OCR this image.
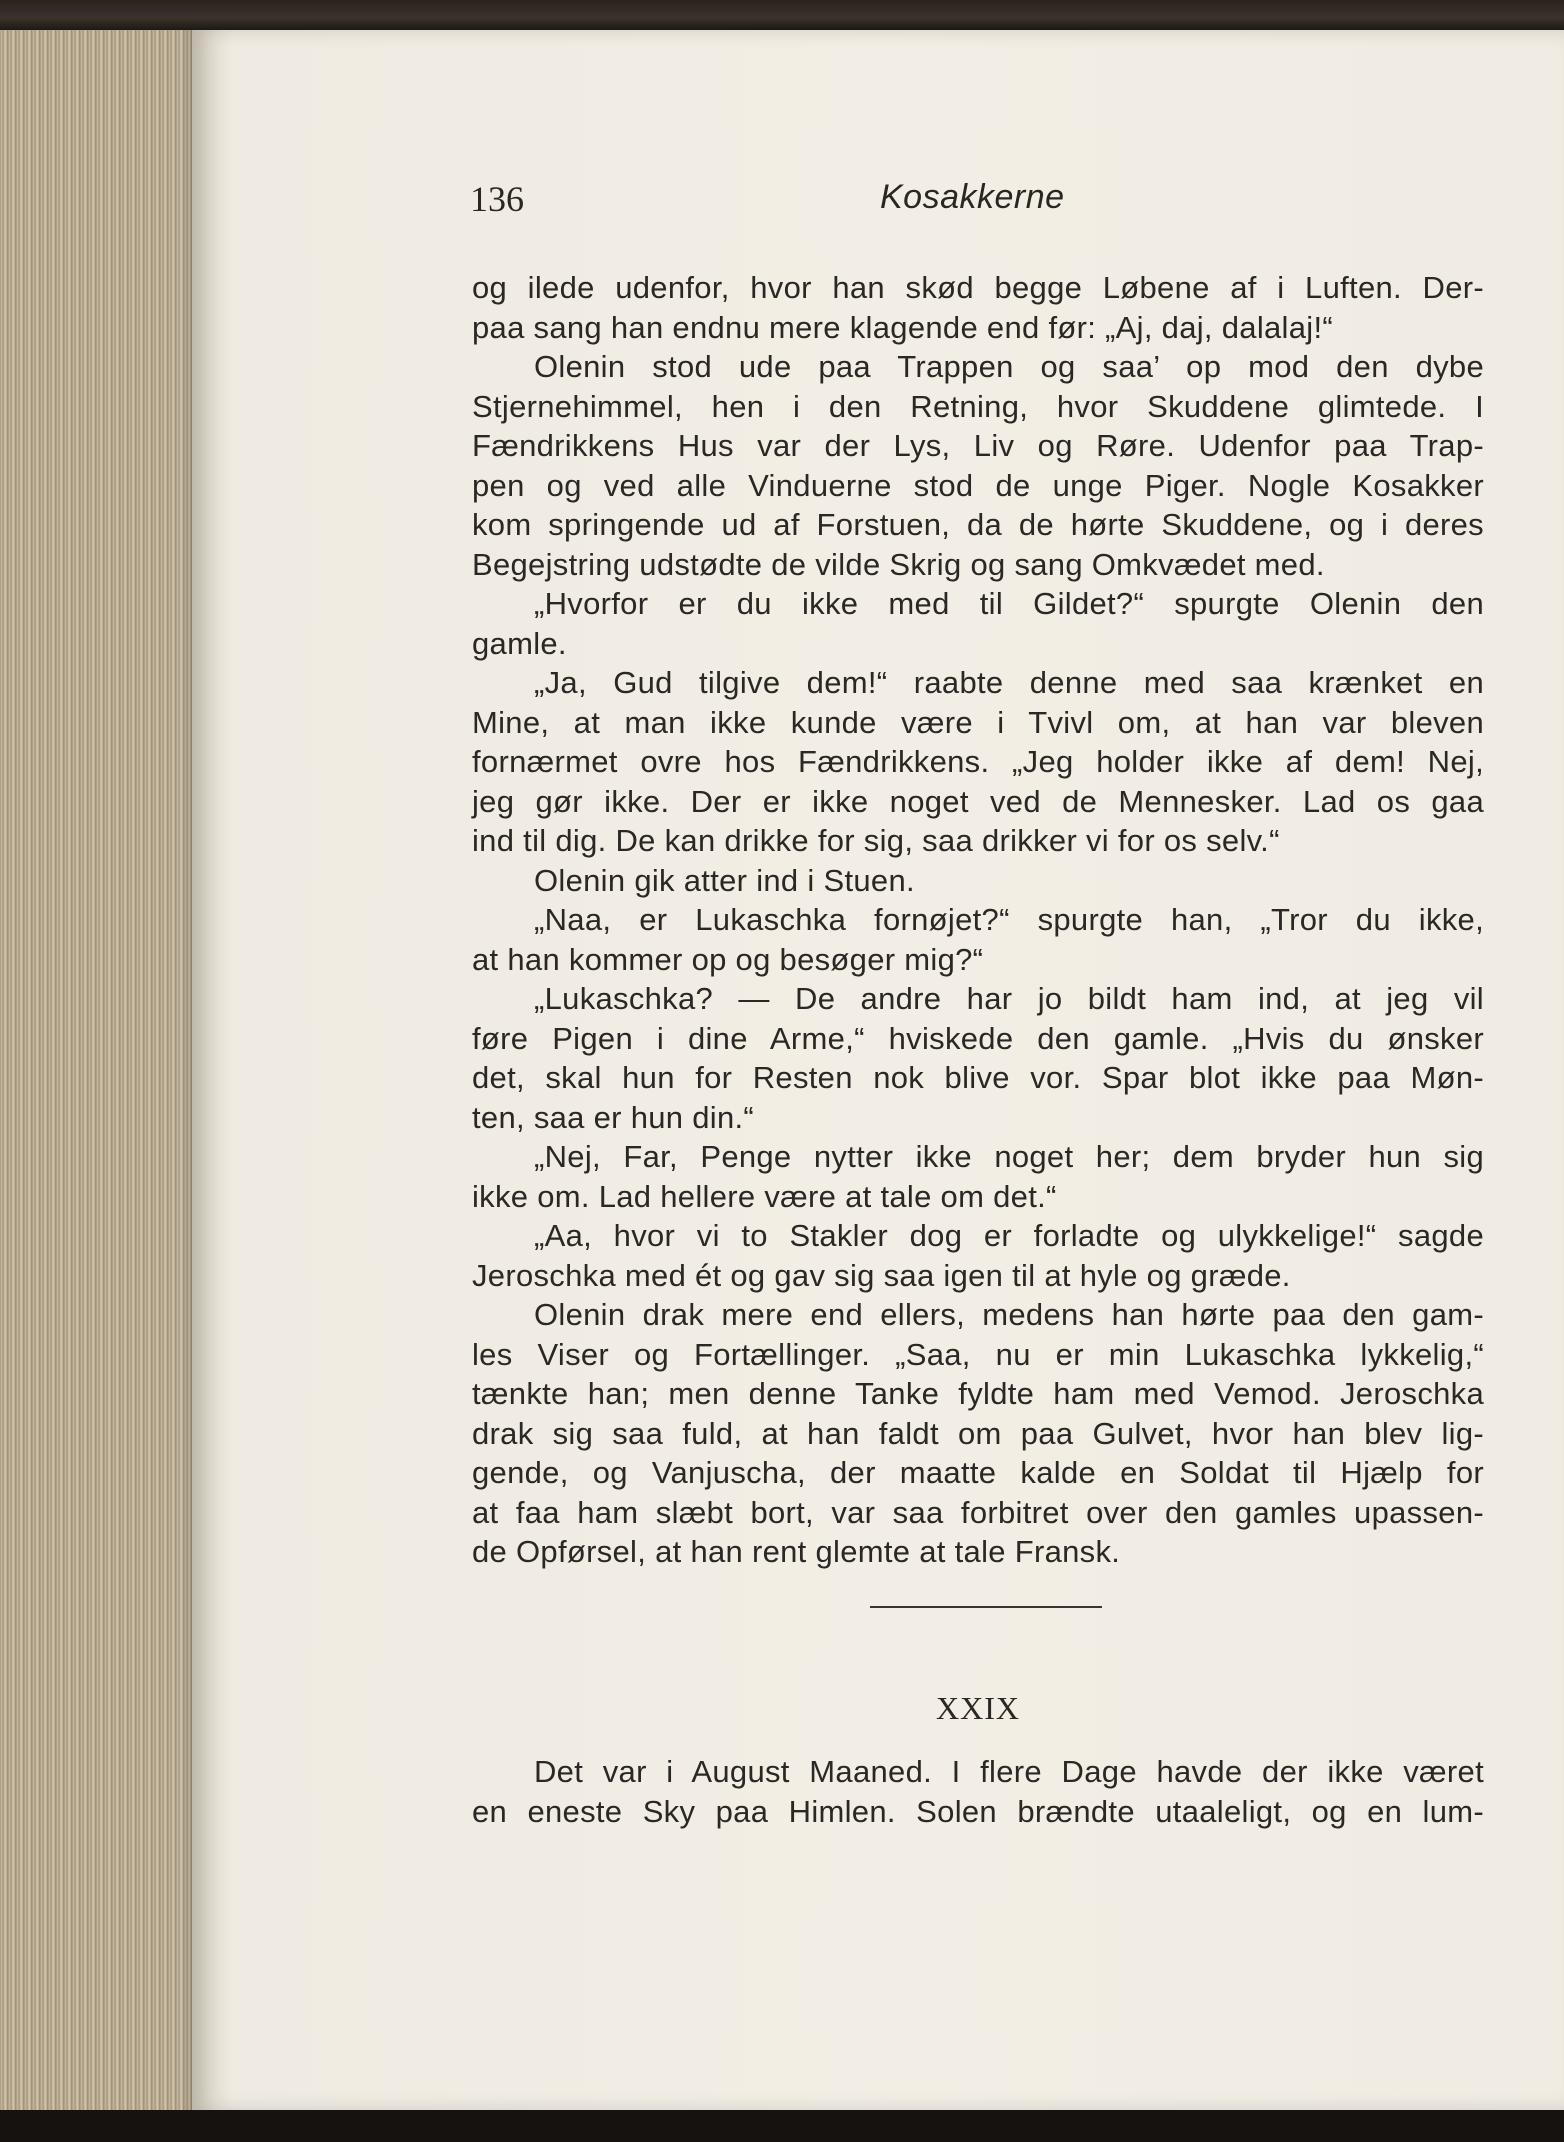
136	Kosakkerne
og ilede udenfor, hvor han skød begge Løbene af i Luften. Der-
paa sang han endnu mere klagende end før: „Aj, daj, dalalaj!“
Olenin stod ude paa Trappen og saa’ op mod den dybe
Stjernehimmel, hen i den Retning, hvor Skuddene glimtede. I
Fændrikkens Hus var der Lys, Liv og Røre. Udenfor paa Trap-
pen og ved alle Vinduerne stod de unge Piger. Nogle Kosakker
kom springende ud af Forstuen, da de hørte Skuddene, og i deres
Begejstring udstødte de vilde Skrig og sang Omkvædet med.
„Hvorfor er du ikke med til Gildet?“ spurgte Olenin den
gamle.
„Ja, Gud tilgive dem!“ raabte denne med saa krænket en
Mine, at man ikke kunde være i Tvivl om, at han var bleven
fornærmet ovre hos Fændrikkens. „Jeg holder ikke af dem! Nej,
jeg gør ikke. Der er ikke noget ved de Mennesker. Lad os gaa
ind til dig. De kan drikke for sig, saa drikker vi for os selv.“
Olenin gik atter ind i Stuen.
„Naa, er Lukaschka fornøjet?“ spurgte han, „Tror du ikke,
at han kommer op og besøger mig?“
„Lukaschka? — De andre har jo bildt ham ind, at jeg vil
føre Pigen i dine Arme,“ hviskede den gamle. „Hvis du ønsker
det, skal hun for Resten nok blive vor. Spar blot ikke paa Møn-
ten, saa er hun din.“
„Nej, Far, Penge nytter ikke noget her; dem bryder hun sig
ikke om. Lad hellere være at tale om det.“
„Aa, hvor vi to Stakler dog er forladte og ulykkelige!“ sagde
Jeroschka med ét og gav sig saa igen til at hyle og græde.
Olenin drak mere end ellers, medens han hørte paa den gam-
les Viser og Fortællinger. „Saa, nu er min Lukaschka lykkelig,“
tænkte han; men denne Tanke fyldte ham med Vemod. Jeroschka
drak sig saa fuld, at han faldt om paa Gulvet, hvor han blev lig-
gende, og Vanjuscha, der maatte kalde en Soldat til Hjælp for
at faa ham slæbt bort, var saa forbitret over den gamles upassen-
de Opførsel, at han rent glemte at tale Fransk.
XXIX
Det var i August Maaned. I flere Dage havde der ikke været
en eneste Sky paa Himlen. Solen brændte utaaleligt, og en lum-
